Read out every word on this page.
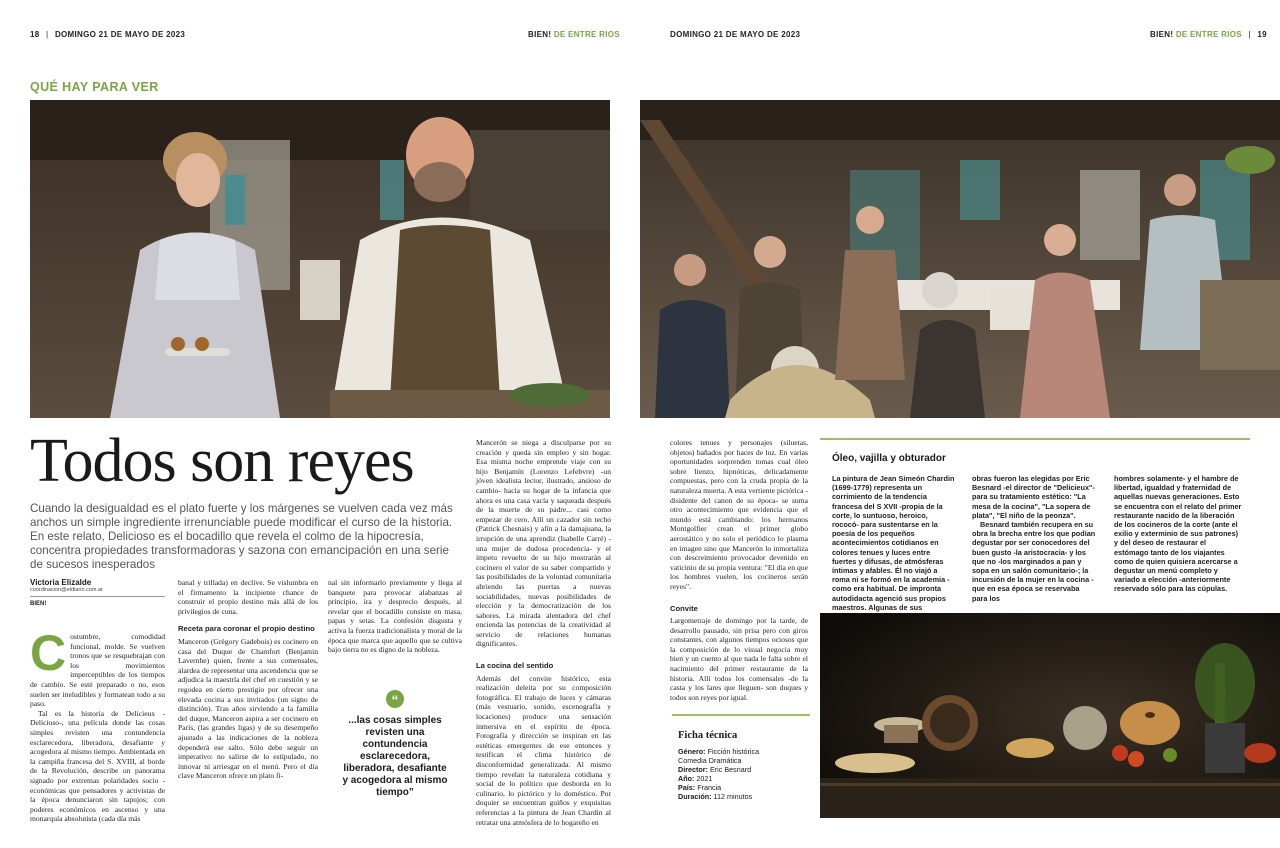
18 | DOMINGO 21 DE MAYO DE 2023	BIEN! DE ENTRE RIOS	DOMINGO 21 DE MAYO DE 2023	BIEN! DE ENTRE RIOS | 19
QUÉ HAY PARA VER
Todos son reyes
Cuando la desigualdad es el plato fuerte y los márgenes se vuelven cada vez más anchos un simple ingrediente irrenunciable puede modificar el curso de la historia. En este relato, Delicioso es el bocadillo que revela el colmo de la hipocresía, concentra propiedades transformadoras y sazona con emancipación en una serie de sucesos inesperados
Victoria Elizalde
coordinacion@eldiario.com.ar
BIEN!
C ostumbre, comodidad funcional, molde. Se vuelven tronos que se resquebrajan con los movimientos imperceptibles de los tiempos de cambio. Se esté preparado o no, esos suelen ser ineludibles y formatean todo a su paso.

Tal es la historia de Delicieux - Delicioso-, una película donde las cosas simples revisten una contundencia esclarecedora, liberadora, desafiante y acogedora al mismo tiempo. Ambientada en la campiña francesa del S. XVIII, al borde de la Revolución, describe un panorama signado por extremas polaridades socio -económicas que pensadores y activistas de la época denunciaron sin tapujos; con poderes económicos en ascenso y una monarquía absolutista (cada día más

banal y trillada) en declive. Se vislumbra en el firmamento la incipiente chance de construir el propio destino más allá de los privilegios de cuna.

Receta para coronar el propio destino

Manceron (Grégory Gadebois) es cocinero en casa del Duque de Chamfort (Benjamin Lavernhe) quien, frente a sus comensales, alardea de representar una ascendencia que se adjudica la maestría del chef en cuestión y se regodea en cierto prestigio por ofrecer una elevada cocina a sus invitados (un signo de distinción). Tras años sirviendo a la familia del duque, Manceron aspira a ser cocinero en París, (las grandes ligas) y de su desempeño ajustado a las indicaciones de la nobleza dependerá ese salto. Sólo debe seguir un imperativo: no salirse de lo estipulado, no innovar ni arriesgar en el menú. Pero el día clave Manceron ofrece un plato fi-

nal sin informarlo previamente y llega al banquete para provocar alabanzas al principio, ira y desprecio después, al revelar que el bocadillo consiste en masa, papas y setas. La confesión disgusta y activa la fuerza tradicionalista y moral de la época que marca que aquello que se cultiva bajo tierra no es digno de la nobleza.

“
...las cosas simples revisten una contundencia esclarecedora, liberadora, desafiante y acogedora al mismo tiempo”

Mancerón se niega a disculparse por su creación y queda sin empleo y sin hogar. Esa misma noche emprende viaje con su hijo Benjamín (Lorenzo Lefebvre) -un jóven idealista lector, ilustrado, ansioso de cambio- hacia su hogar de la infancia que ahora es una casa vacía y saqueada después de la muerte de su padre... casi como empezar de cero. Allí un cazador sin techo (Patrick Chesnais) y afín a la damajuana, la irrupción de una aprendiz (Isabelle Carré) -una mujer de dudosa procedencia- y el ímpetu revuelto de su hijo mostrarán al cocinero el valor de su saber compartido y las posibilidades de la voluntad comunitaria abriendo las puertas a nuevas sociabilidades, nuevas posibilidades de elección y la democratización de los sabores. La mirada alentadora del chef encienda las potencias de la creatividad al servicio de relaciones humanas dignificantes.

La cocina del sentido

Además del convite histórico, esta realización deleita por su composición fotográfica. El trabajo de luces y cámaras (más vestuario, sonido, escenografía y locaciones) produce una sensación inmersiva en el espíritu de época. Fotografía y dirección se inspiran en las estéticas emergentes de ese entonces y testifican el clima histórico de disconformidad generalizada. Al mismo tiempo revelan la naturaleza cotidiana y social de lo político que desborda en lo culinario, lo pictórico y lo doméstico. Por doquier se encuentran guiños y exquisitas referencias a la pintura de Jean Chardin al retratar una atmósfera de lo hogareño en

colores tenues y personajes (siluetas, objetos) bañados por haces de luz. En varias oportunidades sorprenden tomas cual óleo sobre lienzo, hipnóticas, delicadamente compuestas, pero con la cruda propia de la naturaleza muerta. A esta vertiente pictórica -disidente del canon de su época- se suma otro acontecimiento que evidencia que el mundo está cambiando: los hermanos Montgolfier crean el primer globo aerostático y no solo el periódico lo plasma en imagen sino que Mancerón lo inmortaliza con descreimiento provocador devenido en vaticinio de su propia ventura: "El día en que los hombres vuelen, los cocineros serán reyes".

Convite

Largometraje de domingo por la tarde, de desarrollo pausado, sin prisa pero con giros constantes, con algunos tiempos ociosos que la composición de lo visual negocia muy bien y un cuento al que nada le falta sobre el nacimiento del primer restaurante de la historia. Allí todos los comensales -de la casta y los lares que lleguen- son duques y todos son reyes por igual.

Ficha técnica
Género: Ficción histórica
Comedia Dramática
Director: Eric Besnard
Año: 2021
País: Francia
Duración: 112 minutos
Óleo, vajilla y obturador

La pintura de Jean Simeón Chardin (1699-1779) representa un corrimiento de la tendencia francesa del S XVII -propia de la corte, lo suntuoso, heroico, rococó- para sustentarse en la poesía de los pequeños acontecimientos cotidianos en colores tenues y luces entre fuertes y difusas, de atmósferas íntimas y afables. Él no viajó a roma ni se formó en la academia -como era habitual. De impronta autodidacta agenció sus propios maestros. Algunas de sus

obras fueron las elegidas por Eric Besnard -el director de "Delicieux"- para su tratamiento estético: "La mesa de la cocina", "La sopera de plata", "El niño de la peonza".

Besnard también recupera en su obra la brecha entre los que podían degustar por ser conocedores del buen gusto -la aristocracia- y los que no -los marginados a pan y sopa en un salón comunitario-; la incursión de la mujer en la cocina -que en esa época se reservaba para los

hombres solamente- y el hambre de libertad, igualdad y fraternidad de aquellas nuevas generaciones. Esto se encuentra con el relato del primer restaurante nacido de la liberación de los cocineros de la corte (ante el exilio y exterminio de sus patrones) y del deseo de restaurar el estómago tanto de los viajantes como de quien quisiera acercarse a degustar un menú completo y variado a elección -anteriormente reservado sólo para las cúpulas.
